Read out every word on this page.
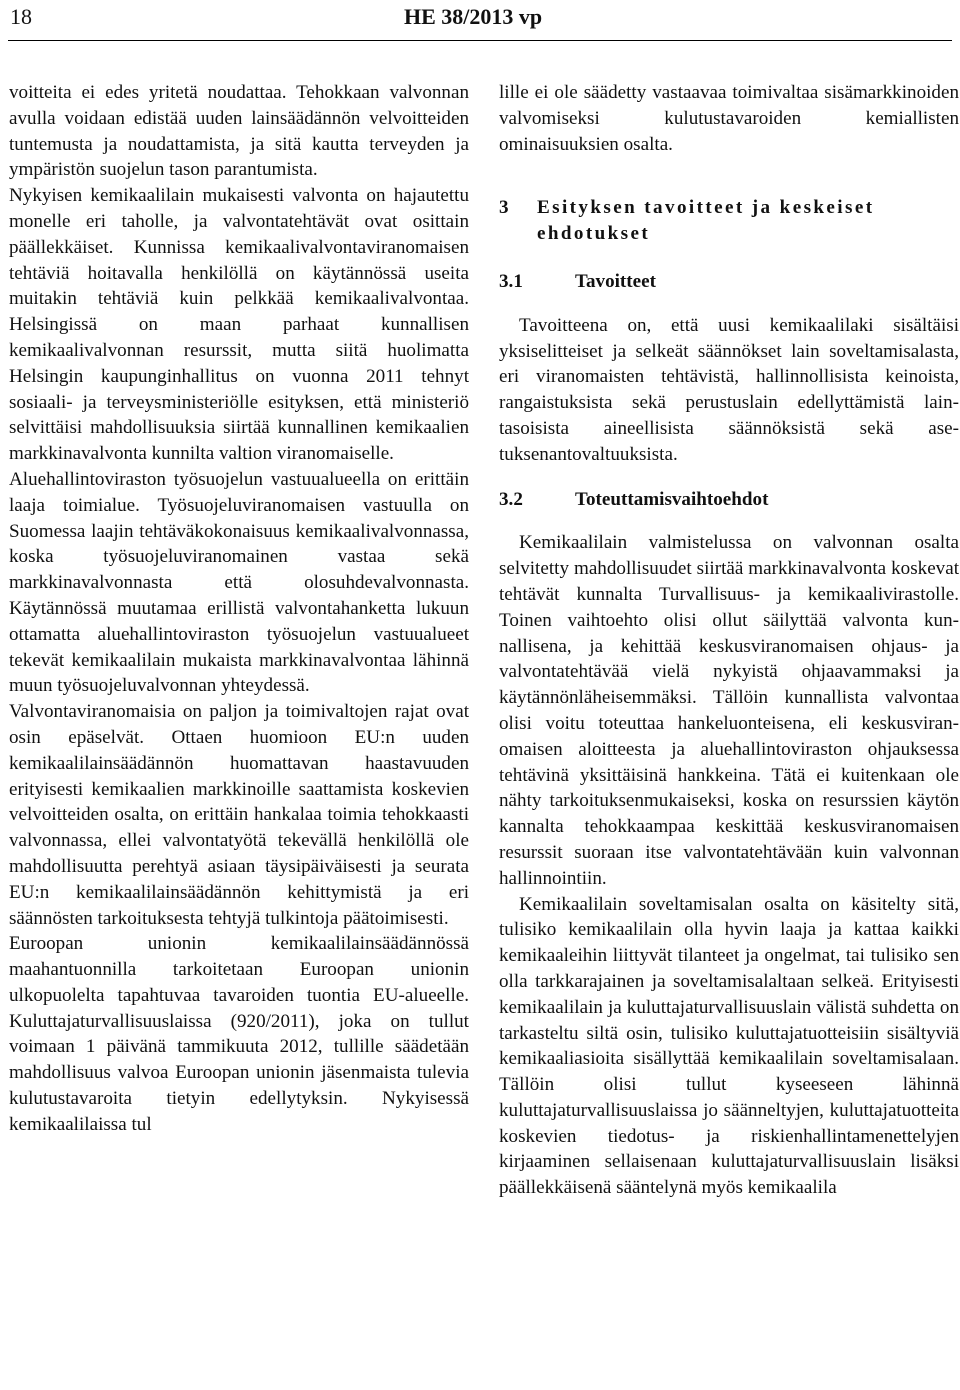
18	HE 38/2013 vp

voitteita ei edes yritetä noudattaa. Tehokkaan valvonnan avulla voidaan edistää uuden lainsäädännön velvoitteiden tuntemusta ja noudattamista, ja sitä kautta terveyden ja ympäristön suojelun tason parantumista.

Nykyisen kemikaalilain mukaisesti valvonta on hajautettu monelle eri taholle, ja valvontatehtävät ovat osittain päällekkäiset. Kunnissa kemikaalivalvontaviranomaisen tehtäviä hoitavalla henkilöllä on käytännössä useita muitakin tehtäviä kuin pelkkää kemikaalivalvontaa. Helsingissä on maan parhaat kunnallisen kemikaalivalvonnan resurssit, mutta siitä huolimatta Helsingin kaupunginhallitus on vuonna 2011 tehnyt sosiaali- ja terveysministeriölle esityksen, että ministeriö selvittäisi mahdollisuuksia siirtää kunnallinen kemikaalien markkinavalvonta kunnilta valtion viranomaiselle.

Aluehallintoviraston työsuojelun vastuualueella on erittäin laaja toimialue. Työsuojeluviranomaisen vastuulla on Suomessa laajin tehtäväkokonaisuus kemikaalivalvonnassa, koska työsuojeluviranomainen vastaa sekä markkinavalvonnasta että olosuhdevalvonnasta. Käytännössä muutamaa erillistä valvontahanketta lukuun ottamatta aluehallintoviraston työsuojelun vastuualueet tekevät kemikaalilain mukaista markkinavalvontaa lähinnä muun työsuojeluvalvonnan yhteydessä.

Valvontaviranomaisia on paljon ja toimivaltojen rajat ovat osin epäselvät. Ottaen huomioon EU:n uuden kemikaalilainsäädännön huomattavan haastavuuden erityisesti kemikaalien markkinoille saattamista koskevien velvoitteiden osalta, on erittäin hankalaa toimia tehokkaasti valvonnassa, ellei valvontatyötä tekevällä henkilöllä ole mahdollisuutta perehtyä asiaan täysipäiväisesti ja seurata EU:n kemikaalilainsäädännön kehittymistä ja eri säännösten tarkoituksesta tehtyjä tulkintoja päätoimisesti.

Euroopan unionin kemikaalilainsäädännössä maahantuonnilla tarkoitetaan Euroopan unionin ulkopuolelta tapahtuvaa tavaroiden tuontia EU-alueelle. Kuluttajaturvallisuuslaissa (920/2011), joka on tullut voimaan 1 päivänä tammikuuta 2012, tullille säädetään mahdollisuus valvoa Euroopan unionin jäsenmaista tulevia kulutustavaroita tietyin edellytyksin. Nykyisessä kemikaalilaissa tul

lille ei ole säädetty vastaavaa toimivaltaa sisämarkkinoiden valvomiseksi kulutustavaroiden kemiallisten ominaisuuksien osalta.

3	Esityksen tavoitteet ja keskeiset ehdotukset
3.1	Tavoitteet

Tavoitteena on, että uusi kemikaalilaki sisältäisi yksiselitteiset ja selkeät säännökset lain soveltamisalasta, eri viranomaisten tehtävistä, hallinnollisista keinoista, rangaistuksista sekä perustuslain edellyttämistä laintasoisista aineellisista säännöksistä sekä asetuksenantovaltuuksista.

3.2	Toteuttamisvaihtoehdot

Kemikaalilain valmistelussa on valvonnan osalta selvitetty mahdollisuudet siirtää markkinavalvonta koskevat tehtävät kunnalta Turvallisuus- ja kemikaalivirastolle. Toinen vaihtoehto olisi ollut säilyttää valvonta kunnallisena, ja kehittää keskusviranomaisen ohjaus- ja valvontatehtävää vielä nykyistä ohjaavammaksi ja käytännönläheisemmäksi. Tällöin kunnallista valvontaa olisi voitu toteuttaa hankeluonteisena, eli keskusviranomaisen aloitteesta ja aluehallintoviraston ohjauksessa tehtävinä yksittäisinä hankkeina. Tätä ei kuitenkaan ole nähty tarkoituksenmukaiseksi, koska on resurssien käytön kannalta tehokkaampaa keskittää keskusviranomaisen resurssit suoraan itse valvontatehtävään kuin valvonnan hallinnointiin.

Kemikaalilain soveltamisalan osalta on käsitelty sitä, tulisiko kemikaalilain olla hyvin laaja ja kattaa kaikki kemikaaleihin liittyvät tilanteet ja ongelmat, tai tulisiko sen olla tarkkarajainen ja soveltamisalaltaan selkeä. Erityisesti kemikaalilain ja kuluttajaturvallisuuslain välistä suhdetta on tarkasteltu siltä osin, tulisiko kuluttajatuotteisiin sisältyviä kemikaaliasioita sisällyttää kemikaalilain soveltamisalaan. Tällöin olisi tullut kyseeseen lähinnä kuluttajaturvallisuuslaissa jo säänneltyjen, kuluttajatuotteita koskevien tiedotus- ja riskienhallintamenettelyjen kirjaaminen sellaisenaan kuluttajaturvallisuuslain lisäksi päällekkäisenä sääntelynä myös kemikaalila
